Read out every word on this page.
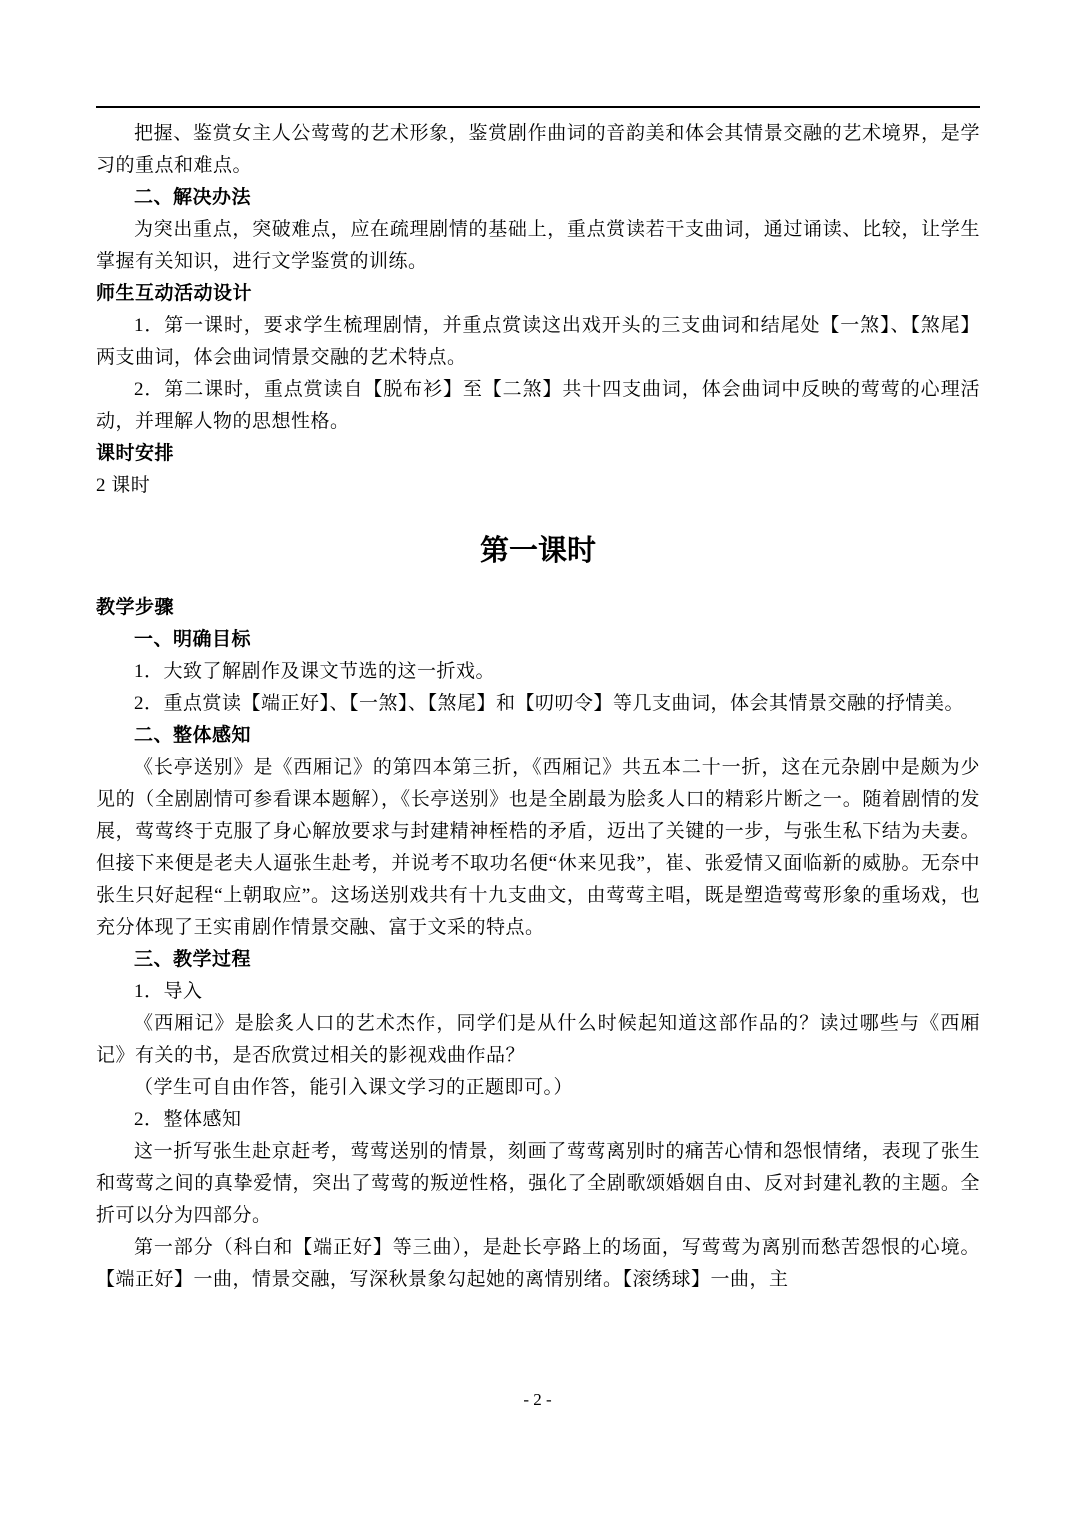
把握、鉴赏女主人公莺莺的艺术形象，鉴赏剧作曲词的音韵美和体会其情景交融的艺术境界，是学习的重点和难点。

二、解决办法

为突出重点，突破难点，应在疏理剧情的基础上，重点赏读若干支曲词，通过诵读、比较，让学生掌握有关知识，进行文学鉴赏的训练。

师生互动活动设计

1．第一课时，要求学生梳理剧情，并重点赏读这出戏开头的三支曲词和结尾处【一煞】、【煞尾】两支曲词，体会曲词情景交融的艺术特点。

2．第二课时，重点赏读自【脱布衫】至【二煞】共十四支曲词，体会曲词中反映的莺莺的心理活动，并理解人物的思想性格。

课时安排

2 课时

第一课时

教学步骤

一、明确目标

1．大致了解剧作及课文节选的这一折戏。

2．重点赏读【端正好】、【一煞】、【煞尾】和【叨叨令】等几支曲词，体会其情景交融的抒情美。

二、整体感知

《长亭送别》是《西厢记》的第四本第三折，《西厢记》共五本二十一折，这在元杂剧中是颇为少见的（全剧剧情可参看课本题解），《长亭送别》也是全剧最为脍炙人口的精彩片断之一。随着剧情的发展，莺莺终于克服了身心解放要求与封建精神桎梏的矛盾，迈出了关键的一步，与张生私下结为夫妻。但接下来便是老夫人逼张生赴考，并说考不取功名便“休来见我”，崔、张爱情又面临新的威胁。无奈中张生只好起程“上朝取应”。这场送别戏共有十九支曲文，由莺莺主唱，既是塑造莺莺形象的重场戏，也充分体现了王实甫剧作情景交融、富于文采的特点。

三、教学过程

1．导入

《西厢记》是脍炙人口的艺术杰作，同学们是从什么时候起知道这部作品的？读过哪些与《西厢记》有关的书，是否欣赏过相关的影视戏曲作品？

（学生可自由作答，能引入课文学习的正题即可。）

2．整体感知

这一折写张生赴京赶考，莺莺送别的情景，刻画了莺莺离别时的痛苦心情和怨恨情绪，表现了张生和莺莺之间的真挚爱情，突出了莺莺的叛逆性格，强化了全剧歌颂婚姻自由、反对封建礼教的主题。全折可以分为四部分。

第一部分（科白和【端正好】等三曲），是赴长亭路上的场面，写莺莺为离别而愁苦怨恨的心境。【端正好】一曲，情景交融，写深秋景象勾起她的离情别绪。【滚绣球】一曲，主

- 2 -
